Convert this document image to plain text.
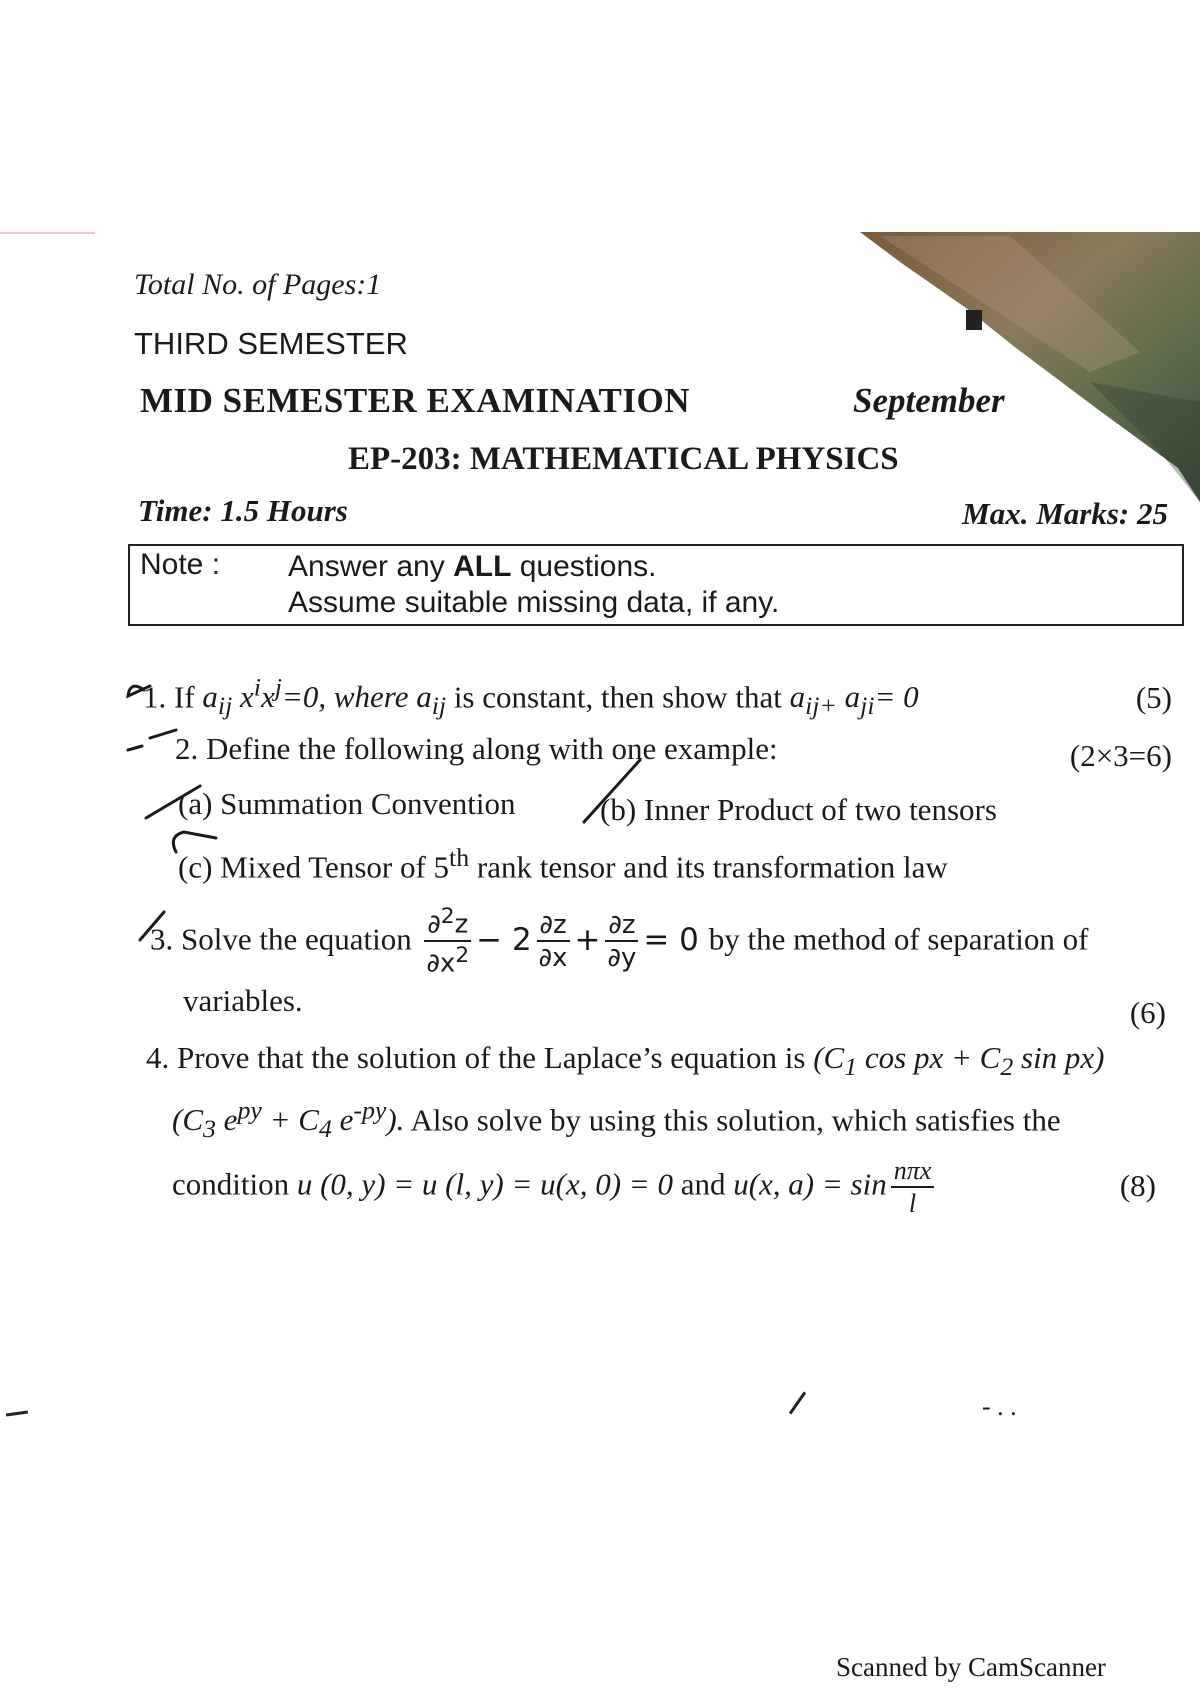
Total No. of Pages:1
THIRD SEMESTER
MID SEMESTER EXAMINATION	September
EP-203: MATHEMATICAL PHYSICS
Time: 1.5 Hours	Max. Marks: 25
Note : Answer any ALL questions.
Assume suitable missing data, if any.
1. If $a_{ij}$ $x^ix^j=0$, where $a_{ij}$ is constant, then show that $a_{ij+}$ $a_{ji}= 0$	(5)
2. Define the following along with one example:	(2×3=6)
(a) Summation Convention	(b) Inner Product of two tensors
(c) Mixed Tensor of 5th rank tensor and its transformation law
3. Solve the equation $\frac{\partial^2z}{\partial x^2} - 2 \frac{\partial z}{\partial x} + \frac{\partial z}{\partial y} = 0$ by the method of separation of
variables.	(6)
4. Prove that the solution of the Laplace’s equation is ($C_1$ cos px + $C_2$ sin px)
($C_3$ $e^{py} + C_4$ $e^{-py}$). Also solve by using this solution, which satisfies the
condition u (0, y) = u (l, y) = u(x, 0) = 0 and u(x, $a) = \sin \frac{\text{nπx}}{l}$	(8)
- . .
Scanned by CamScanner
